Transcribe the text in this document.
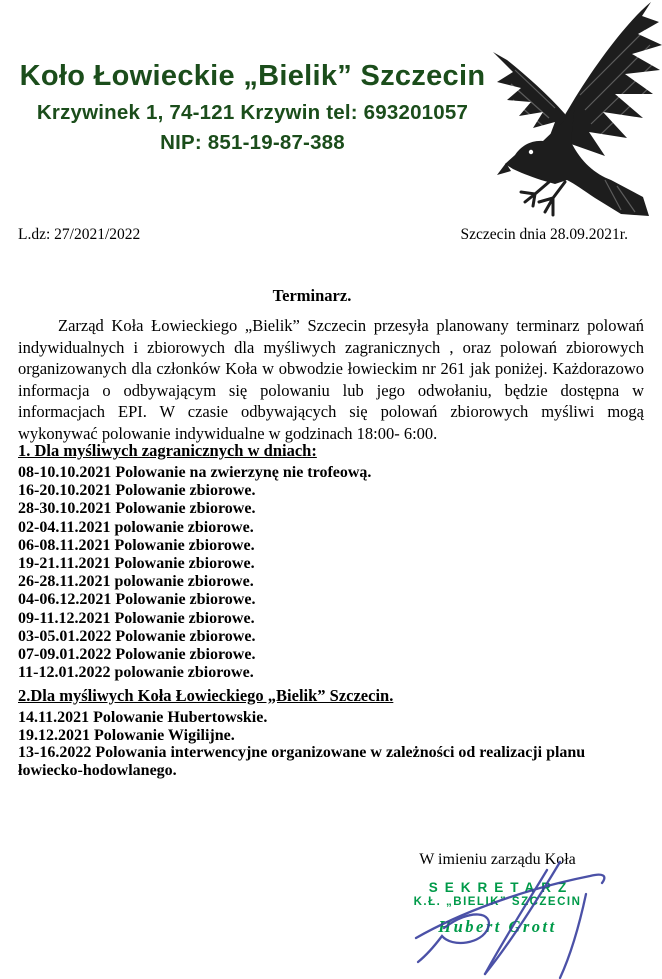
Koło Łowieckie „Bielik” Szczecin
Krzywinek 1, 74-121 Krzywin tel: 693201057
NIP: 851-19-87-388
L.dz: 27/2021/2022	Szczecin dnia 28.09.2021r.
Terminarz.
Zarząd Koła Łowieckiego „Bielik” Szczecin przesyła planowany terminarz polowań indywidualnych i zbiorowych dla myśliwych zagranicznych , oraz polowań zbiorowych organizowanych dla członków Koła w obwodzie łowieckim nr 261 jak poniżej. Każdorazowo informacja o odbywającym się polowaniu lub jego odwołaniu, będzie dostępna w informacjach EPI. W czasie odbywających się polowań zbiorowych myśliwi mogą wykonywać polowanie indywidualne w godzinach 18:00- 6:00.
1. Dla myśliwych zagranicznych w dniach:
08-10.10.2021 Polowanie na zwierzynę nie trofeową.
16-20.10.2021 Polowanie zbiorowe.
28-30.10.2021 Polowanie zbiorowe.
02-04.11.2021 polowanie zbiorowe.
06-08.11.2021 Polowanie zbiorowe.
19-21.11.2021 Polowanie zbiorowe.
26-28.11.2021 polowanie zbiorowe.
04-06.12.2021 Polowanie zbiorowe.
09-11.12.2021 Polowanie zbiorowe.
03-05.01.2022 Polowanie zbiorowe.
07-09.01.2022 Polowanie zbiorowe.
11-12.01.2022 polowanie zbiorowe.
2.Dla myśliwych Koła Łowieckiego „Bielik” Szczecin.
14.11.2021 Polowanie Hubertowskie.
19.12.2021 Polowanie Wigilijne.
13-16.2022 Polowania interwencyjne organizowane w zależności od realizacji planu łowiecko-hodowlanego.
W imieniu zarządu Koła
SEKRETARZ
K.Ł. „BIELIK” SZCZECIN
Hubert Grott
